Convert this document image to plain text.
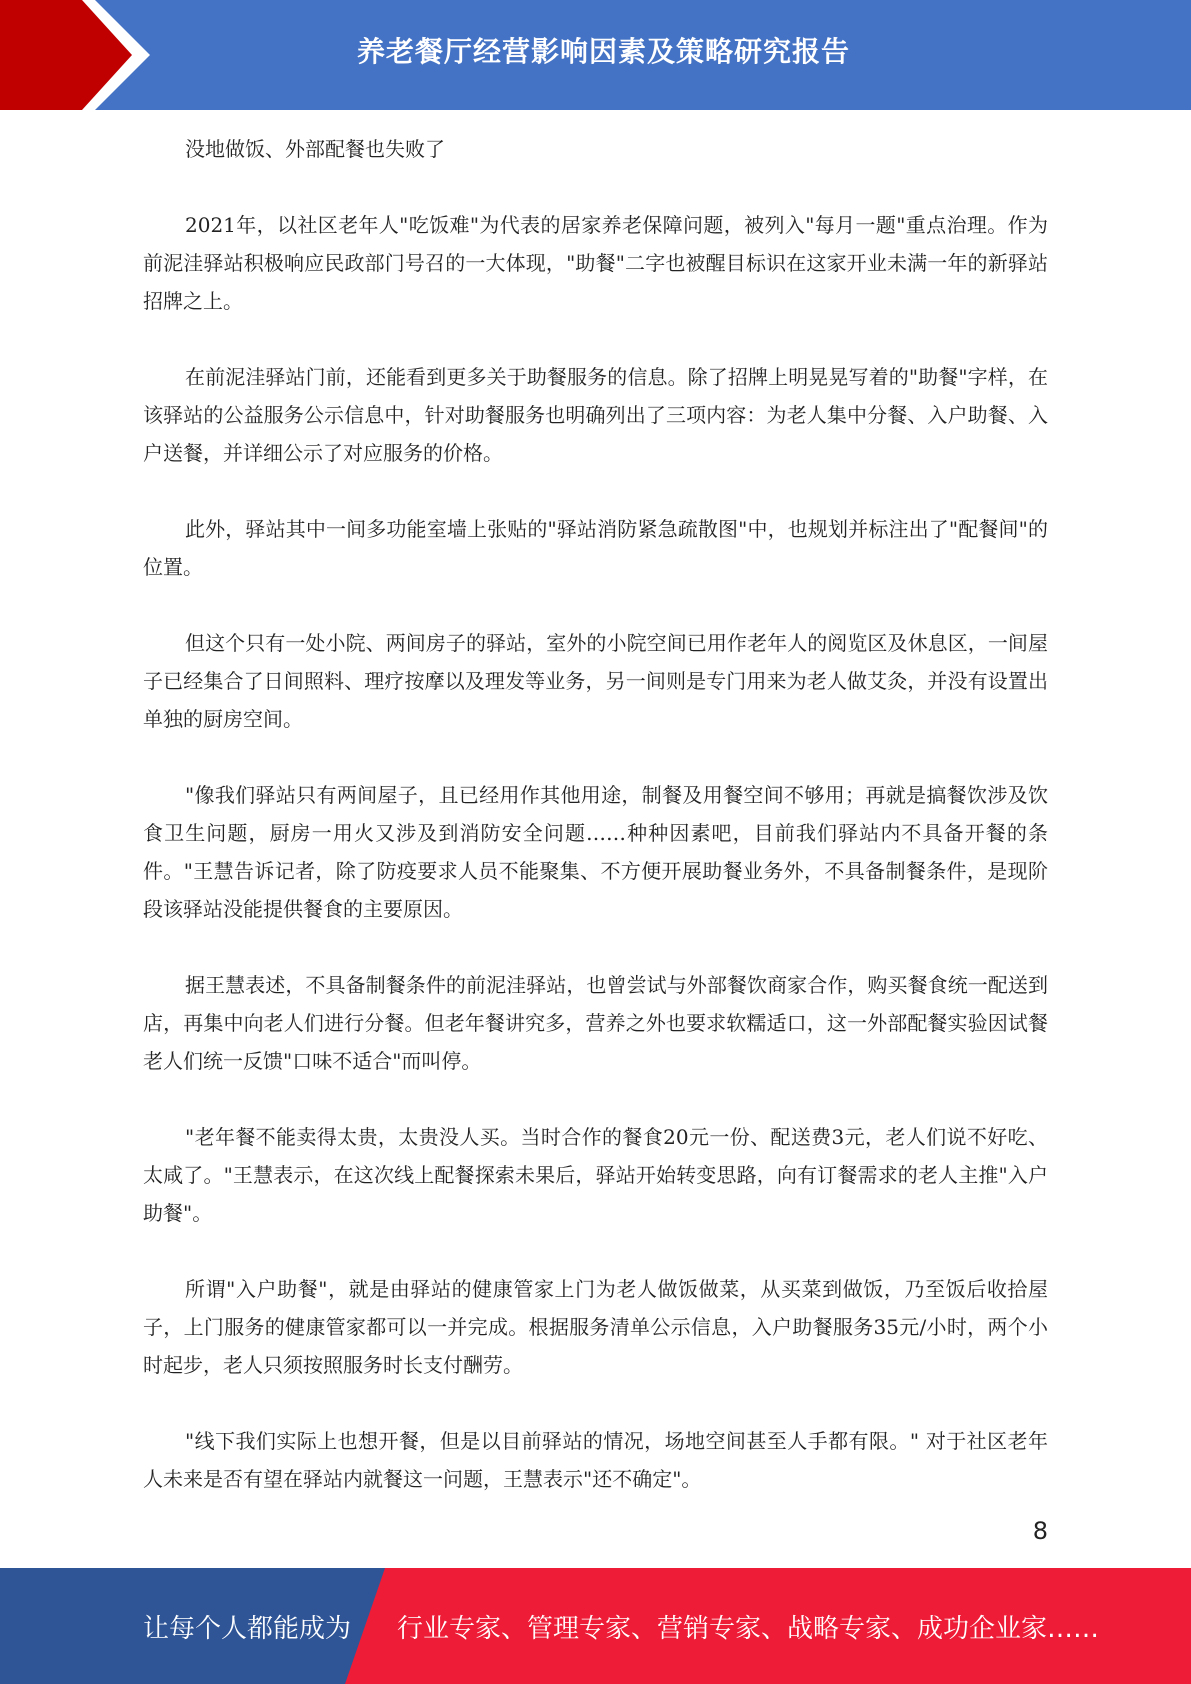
养老餐厅经营影响因素及策略研究报告

没地做饭、外部配餐也失败了

2021年，以社区老年人"吃饭难"为代表的居家养老保障问题，被列入"每月一题"重点治理。作为前泥洼驿站积极响应民政部门号召的一大体现，"助餐"二字也被醒目标识在这家开业未满一年的新驿站招牌之上。

在前泥洼驿站门前，还能看到更多关于助餐服务的信息。除了招牌上明晃晃写着的"助餐"字样，在该驿站的公益服务公示信息中，针对助餐服务也明确列出了三项内容：为老人集中分餐、入户助餐、入户送餐，并详细公示了对应服务的价格。

此外，驿站其中一间多功能室墙上张贴的"驿站消防紧急疏散图"中，也规划并标注出了"配餐间"的位置。

但这个只有一处小院、两间房子的驿站，室外的小院空间已用作老年人的阅览区及休息区，一间屋子已经集合了日间照料、理疗按摩以及理发等业务，另一间则是专门用来为老人做艾灸，并没有设置出单独的厨房空间。

"像我们驿站只有两间屋子，且已经用作其他用途，制餐及用餐空间不够用；再就是搞餐饮涉及饮食卫生问题，厨房一用火又涉及到消防安全问题……种种因素吧，目前我们驿站内不具备开餐的条件。"王慧告诉记者，除了防疫要求人员不能聚集、不方便开展助餐业务外，不具备制餐条件，是现阶段该驿站没能提供餐食的主要原因。

据王慧表述，不具备制餐条件的前泥洼驿站，也曾尝试与外部餐饮商家合作，购买餐食统一配送到店，再集中向老人们进行分餐。但老年餐讲究多，营养之外也要求软糯适口，这一外部配餐实验因试餐老人们统一反馈"口味不适合"而叫停。

"老年餐不能卖得太贵，太贵没人买。当时合作的餐食20元一份、配送费3元，老人们说不好吃、太咸了。"王慧表示，在这次线上配餐探索未果后，驿站开始转变思路，向有订餐需求的老人主推"入户助餐"。

所谓"入户助餐"，就是由驿站的健康管家上门为老人做饭做菜，从买菜到做饭，乃至饭后收拾屋子，上门服务的健康管家都可以一并完成。根据服务清单公示信息，入户助餐服务35元/小时，两个小时起步，老人只须按照服务时长支付酬劳。

"线下我们实际上也想开餐，但是以目前驿站的情况，场地空间甚至人手都有限。" 对于社区老年人未来是否有望在驿站内就餐这一问题，王慧表示"还不确定"。

8
让每个人都能成为 行业专家、管理专家、营销专家、战略专家、成功企业家……
